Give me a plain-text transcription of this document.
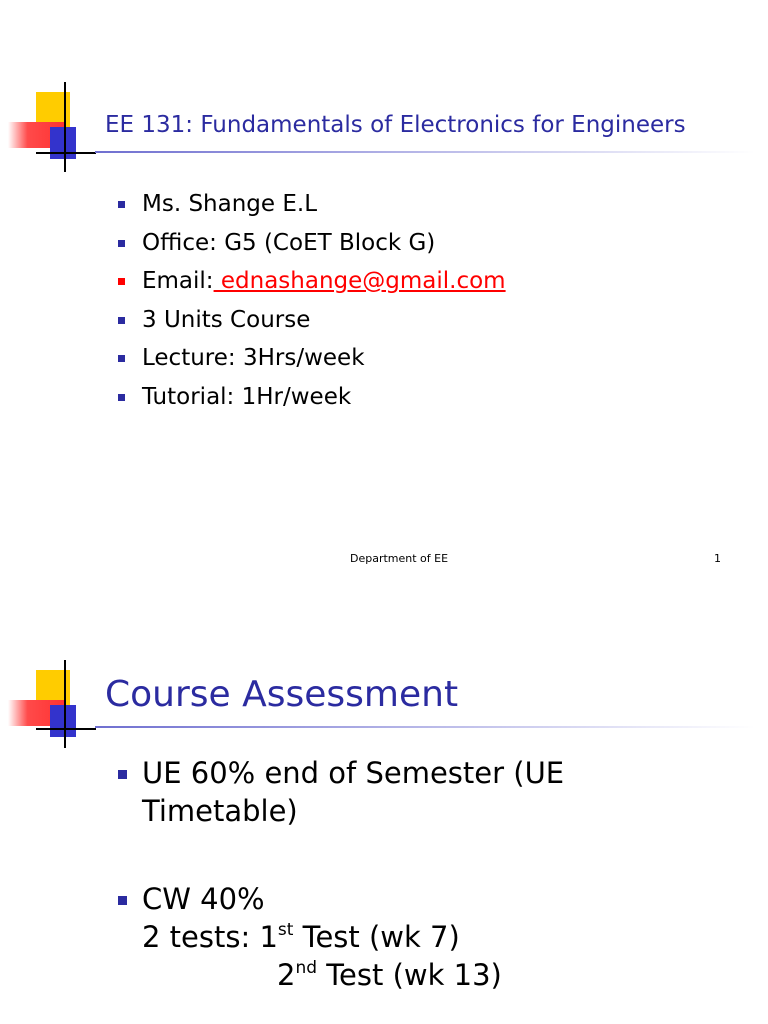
EE 131: Fundamentals of Electronics for Engineers
Ms. Shange E.L
Office: G5 (CoET Block G)
Email: ednashange@gmail.com
3 Units Course
Lecture: 3Hrs/week
Tutorial: 1Hr/week
Department of EE	1
Course Assessment
UE 60% end of Semester (UE
Timetable)
CW 40%
2 tests: 1st Test (wk 7)
2nd Test (wk 13)
